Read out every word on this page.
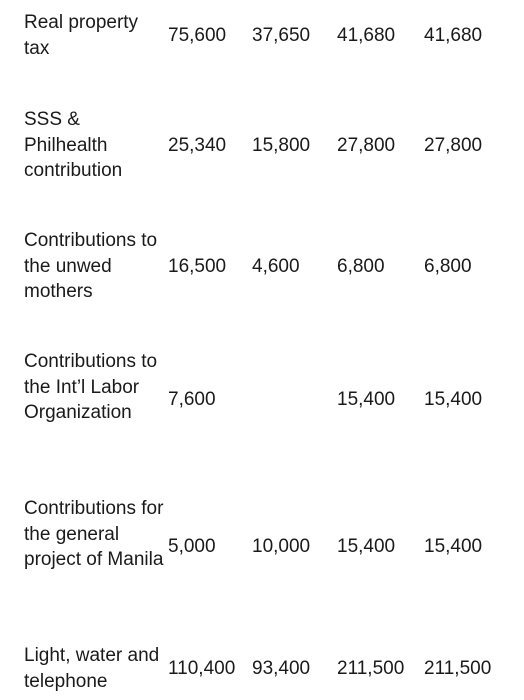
Real property tax
75,600 37,650 41,680 41,680
SSS & Philhealth contribution
25,340 15,800 27,800 27,800
Contributions to the unwed mothers
16,500 4,600 6,800 6,800
Contributions to the Int’l Labor Organization
7,600	15,400 15,400
Contributions for the general project of Manila
5,000 10,000 15,400 15,400
Light, water and telephone
110,400 93,400 211,500 211,500
